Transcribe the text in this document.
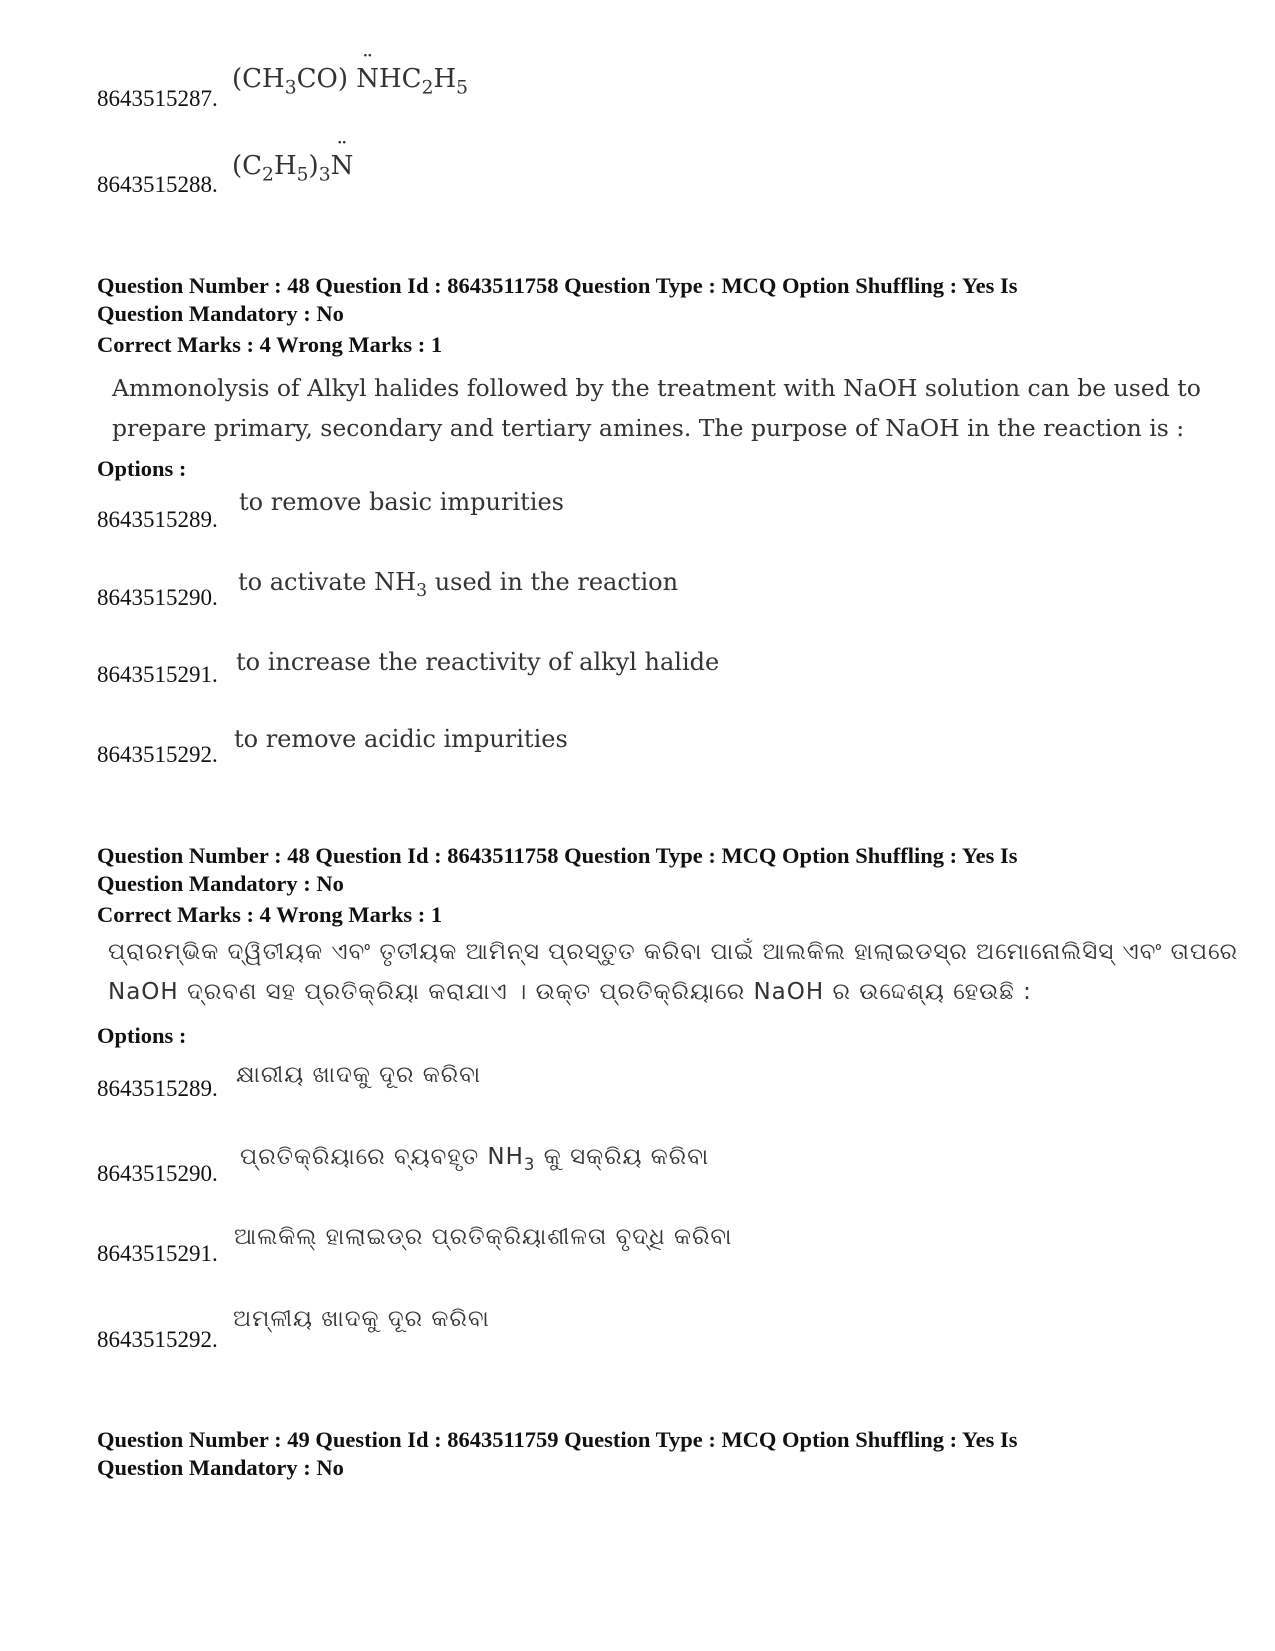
8643515287.
$(CH_3CO)$ ¨ $NHC_2H_5$
8643515288.
$(C_2H_5)_3¨$ N
Question Number : 48 Question Id : 8643511758 Question Type : MCQ Option Shuffling : Yes Is
Question Mandatory : No
Correct Marks : 4 Wrong Marks : 1
Ammonolysis of Alkyl halides followed by the treatment with NaOH solution can be used to
prepare primary, secondary and tertiary amines. The purpose of NaOH in the reaction is :
Options :
8643515289.
to remove basic impurities
8643515290.
to activate $NH_3$ used in the reaction
8643515291. to increase the reactivity of alkyl halide
8643515292.
to remove acidic impurities
Question Number : 48 Question Id : 8643511758 Question Type : MCQ Option Shuffling : Yes Is
Question Mandatory : No
Correct Marks : 4 Wrong Marks : 1
ପ୍ରାରମ୍ଭିକ ଦ୍ୱିତୀୟକ ଏବଂ ତୃତୀୟକ ଆମିନ୍ସ ପ୍ରସ୍ତୁତ କରିବା ପାଇଁ ଆଲକିଲ ହାଲାଇଡସ୍‌ର ଅମୋନୋଲିସିସ୍ ଏବଂ ତାପରେ
NaOH ଦ୍ରବଣ ସହ ପ୍ରତିକ୍ରିୟା କରାଯାଏ । ଉକ୍ତ ପ୍ରତିକ୍ରିୟାରେ NaOH ର ଉଦ୍ଦେଶ୍ୟ ହେଉଛି :
Options :
8643515289.
କ୍ଷାରୀୟ ଖାଦକୁ ଦୂର କରିବା
8643515290.
ପ୍ରତିକ୍ରିୟାରେ ବ୍ୟବହୃତ $NH_3$ କୁ ସକ୍ରିୟ କରିବା
8643515291.
ଆଲକିଲ୍ ହାଲାଇଡ୍‌ର ପ୍ରତିକ୍ରିୟାଶୀଳତା ବୃଦ୍ଧି କରିବା
8643515292.
ଅମ୍ଳୀୟ ଖାଦକୁ ଦୂର କରିବା
Question Number : 49 Question Id : 8643511759 Question Type : MCQ Option Shuffling : Yes Is
Question Mandatory : No
